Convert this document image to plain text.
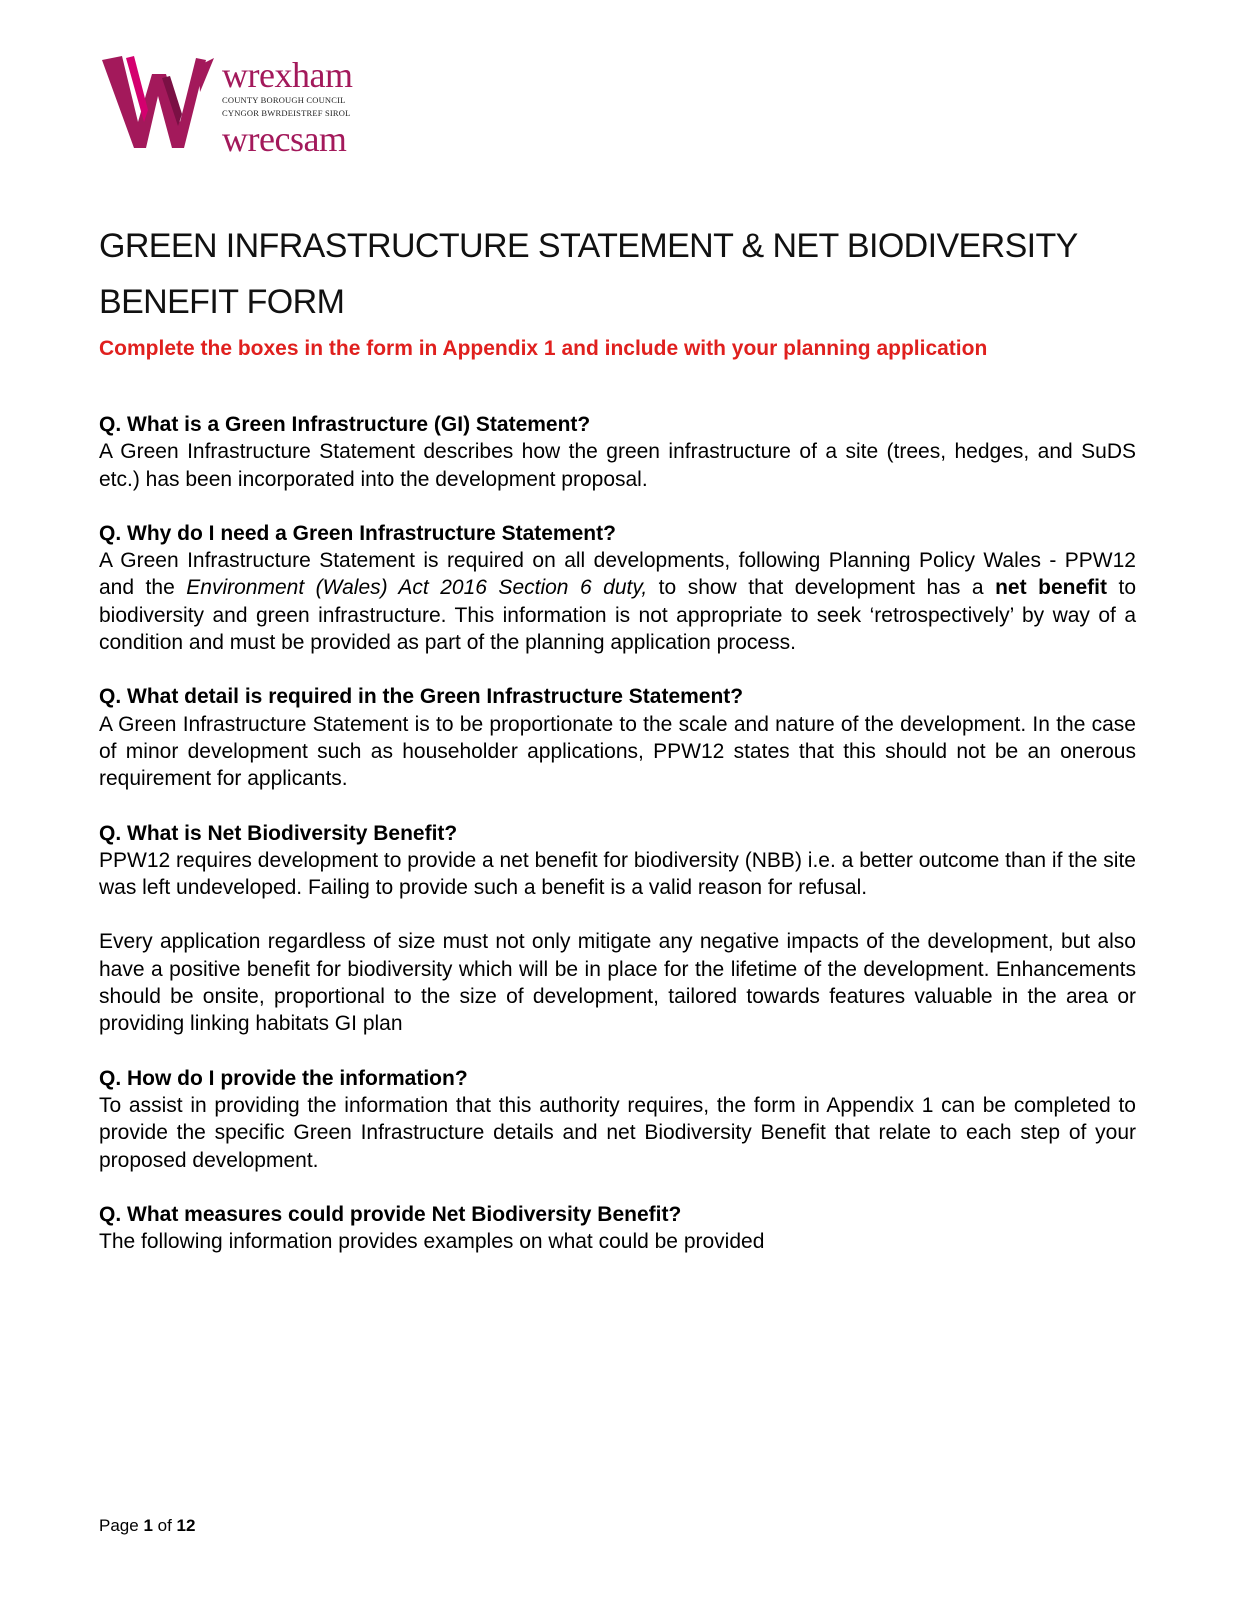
wrexham
COUNTY BOROUGH COUNCIL
CYNGOR BWRDEISTREF SIROL
wrecsam
GREEN INFRASTRUCTURE STATEMENT & NET BIODIVERSITY
BENEFIT FORM

Complete the boxes in the form in Appendix 1 and include with your planning application

Q. What is a Green Infrastructure (GI) Statement?

A Green Infrastructure Statement describes how the green infrastructure of a site (trees, hedges, and SuDS etc.) has been incorporated into the development proposal.

Q. Why do I need a Green Infrastructure Statement?

A Green Infrastructure Statement is required on all developments, following Planning Policy Wales - PPW12 and the Environment (Wales) Act 2016 Section 6 duty, to show that development has a net benefit to biodiversity and green infrastructure. This information is not appropriate to seek ‘retrospectively’ by way of a condition and must be provided as part of the planning application process.

Q. What detail is required in the Green Infrastructure Statement?

A Green Infrastructure Statement is to be proportionate to the scale and nature of the development. In the case of minor development such as householder applications, PPW12 states that this should not be an onerous requirement for applicants.

Q. What is Net Biodiversity Benefit?

PPW12 requires development to provide a net benefit for biodiversity (NBB) i.e. a better outcome than if the site was left undeveloped. Failing to provide such a benefit is a valid reason for refusal.

Every application regardless of size must not only mitigate any negative impacts of the development, but also have a positive benefit for biodiversity which will be in place for the lifetime of the development. Enhancements should be onsite, proportional to the size of development, tailored towards features valuable in the area or providing linking habitats GI plan

Q. How do I provide the information?

To assist in providing the information that this authority requires, the form in Appendix 1 can be completed to provide the specific Green Infrastructure details and net Biodiversity Benefit that relate to each step of your proposed development.

Q. What measures could provide Net Biodiversity Benefit?

The following information provides examples on what could be provided

Page 1 of 12
